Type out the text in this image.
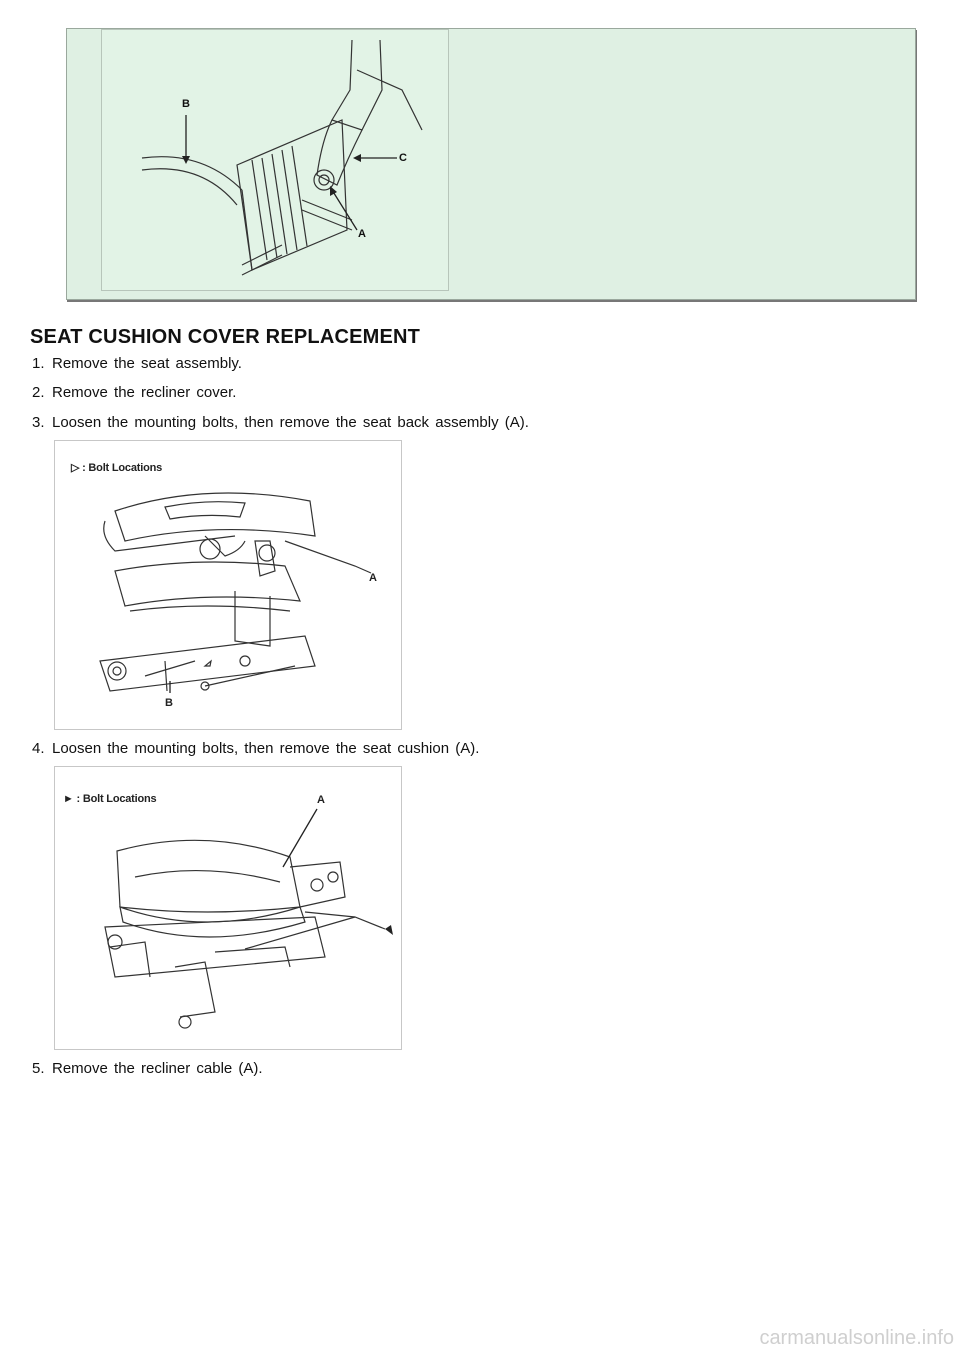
B
C
A
SEAT CUSHION COVER REPLACEMENT
1. Remove the seat assembly.
2. Remove the recliner cover.
3. Loosen the mounting bolts, then remove the seat back assembly (A).
▷ : Bolt Locations
A
B
4. Loosen the mounting bolts, then remove the seat cushion (A).
► : Bolt Locations	A
5. Remove the recliner cable (A).
carmanualsonline.info
